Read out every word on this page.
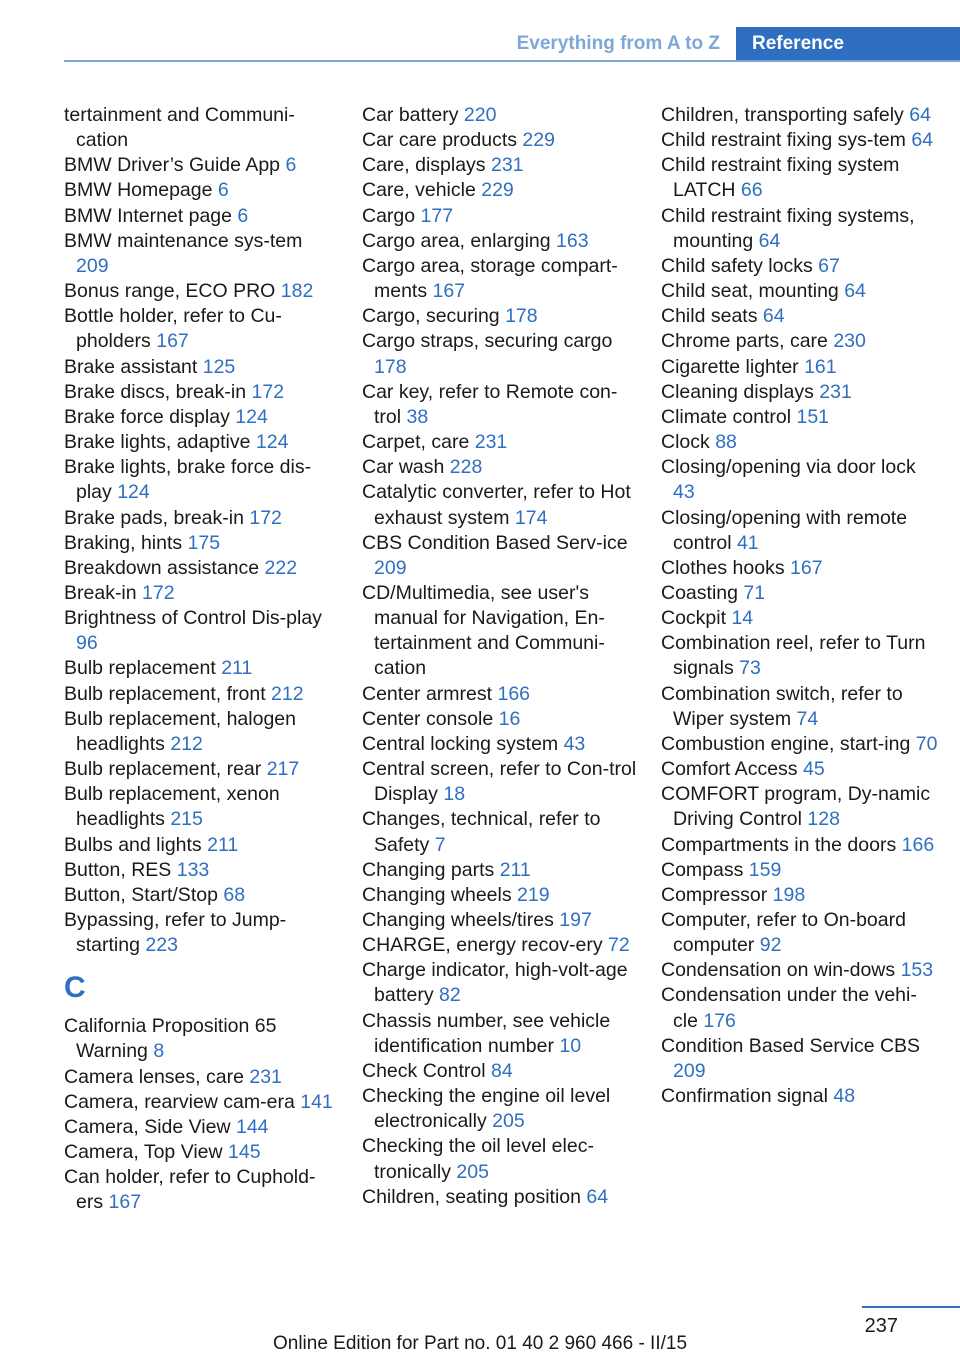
Everything from A to Z	Reference
tertainment and Communi-cation
BMW Driver’s Guide App 6
BMW Homepage 6
BMW Internet page 6
BMW maintenance sys-tem 209
Bonus range, ECO PRO 182
Bottle holder, refer to Cu-pholders 167
Brake assistant 125
Brake discs, break-in 172
Brake force display 124
Brake lights, adaptive 124
Brake lights, brake force dis-play 124
Brake pads, break-in 172
Braking, hints 175
Breakdown assistance 222
Break-in 172
Brightness of Control Dis-play 96
Bulb replacement 211
Bulb replacement, front 212
Bulb replacement, halogen headlights 212
Bulb replacement, rear 217
Bulb replacement, xenon headlights 215
Bulbs and lights 211
Button, RES 133
Button, Start/Stop 68
Bypassing, refer to Jump-starting 223
C
California Proposition 65 Warning 8
Camera lenses, care 231
Camera, rearview cam-era 141
Camera, Side View 144
Camera, Top View 145
Can holder, refer to Cuphold-ers 167
Car battery 220
Car care products 229
Care, displays 231
Care, vehicle 229
Cargo 177
Cargo area, enlarging 163
Cargo area, storage compart-ments 167
Cargo, securing 178
Cargo straps, securing cargo 178
Car key, refer to Remote con-trol 38
Carpet, care 231
Car wash 228
Catalytic converter, refer to Hot exhaust system 174
CBS Condition Based Serv-ice 209
CD/Multimedia, see user's manual for Navigation, En-tertainment and Communi-cation
Center armrest 166
Center console 16
Central locking system 43
Central screen, refer to Con-trol Display 18
Changes, technical, refer to Safety 7
Changing parts 211
Changing wheels 219
Changing wheels/tires 197
CHARGE, energy recov-ery 72
Charge indicator, high-volt-age battery 82
Chassis number, see vehicle identification number 10
Check Control 84
Checking the engine oil level electronically 205
Checking the oil level elec-tronically 205
Children, seating position 64
Children, transporting safely 64
Child restraint fixing sys-tem 64
Child restraint fixing system LATCH 66
Child restraint fixing systems, mounting 64
Child safety locks 67
Child seat, mounting 64
Child seats 64
Chrome parts, care 230
Cigarette lighter 161
Cleaning displays 231
Climate control 151
Clock 88
Closing/opening via door lock 43
Closing/opening with remote control 41
Clothes hooks 167
Coasting 71
Cockpit 14
Combination reel, refer to Turn signals 73
Combination switch, refer to Wiper system 74
Combustion engine, start-ing 70
Comfort Access 45
COMFORT program, Dy-namic Driving Control 128
Compartments in the doors 166
Compass 159
Compressor 198
Computer, refer to On-board computer 92
Condensation on win-dows 153
Condensation under the vehi-cle 176
Condition Based Service CBS 209
Confirmation signal 48
237
Online Edition for Part no. 01 40 2 960 466 - II/15
